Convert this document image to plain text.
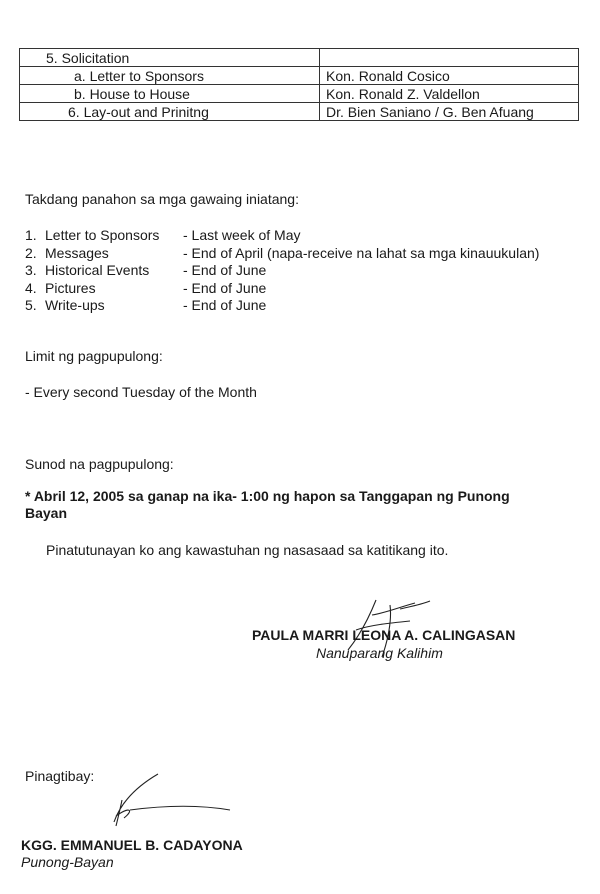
5. Solicitation	
a. Letter to Sponsors	Kon. Ronald Cosico
b. House to House	Kon. Ronald Z. Valdellon
6. Lay-out and Prinitng	Dr. Bien Saniano / G. Ben Afuang
Takdang panahon sa mga gawaing iniatang:
1. Letter to Sponsors	- Last week of May
2. Messages	- End of April (napa-receive na lahat sa mga kinauukulan)
3. Historical Events	- End of June
4. Pictures	- End of June
5. Write-ups	- End of June
Limit ng pagpupulong:
- Every second Tuesday of the Month
Sunod na pagpupulong:
* Abril 12, 2005 sa ganap na ika- 1:00 ng hapon sa Tanggapan ng Punong
Bayan
Pinatutunayan ko ang kawastuhan ng nasasaad sa katitikang ito.
PAULA MARRI LEONA A. CALINGASAN
Nanuparang Kalihim
Pinagtibay:
KGG. EMMANUEL B. CADAYONA
Punong-Bayan
